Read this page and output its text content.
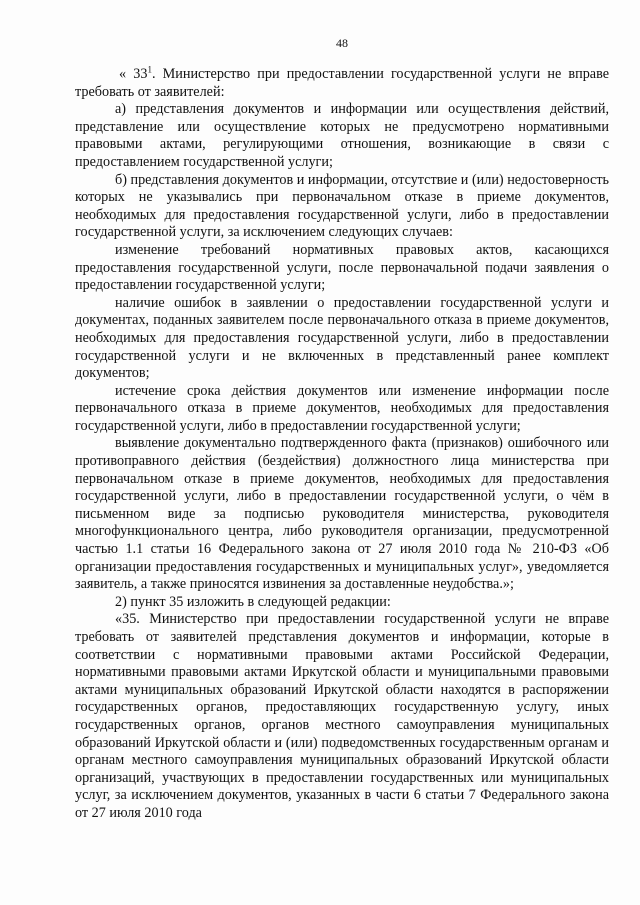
48

« $33^1$. Министерство при предоставлении государственной услуги не вправе требовать от заявителей:

а) представления документов и информации или осуществления действий, представление или осуществление которых не предусмотрено нормативными правовыми актами, регулирующими отношения, возникающие в связи с предоставлением государственной услуги;

б) представления документов и информации, отсутствие и (или) недостоверность которых не указывались при первоначальном отказе в приеме документов, необходимых для предоставления государственной услуги, либо в предоставлении государственной услуги, за исключением следующих случаев:

изменение требований нормативных правовых актов, касающихся предоставления государственной услуги, после первоначальной подачи заявления о предоставлении государственной услуги;

наличие ошибок в заявлении о предоставлении государственной услуги и документах, поданных заявителем после первоначального отказа в приеме документов, необходимых для предоставления государственной услуги, либо в предоставлении государственной услуги и не включенных в представленный ранее комплект документов;

истечение срока действия документов или изменение информации после первоначального отказа в приеме документов, необходимых для предоставления государственной услуги, либо в предоставлении государственной услуги;

выявление документально подтвержденного факта (признаков) ошибочного или противоправного действия (бездействия) должностного лица министерства при первоначальном отказе в приеме документов, необходимых для предоставления государственной услуги, либо в предоставлении государственной услуги, о чём в письменном виде за подписью руководителя министерства, руководителя многофункционального центра, либо руководителя организации, предусмотренной частью 1.1 статьи 16 Федерального закона от 27 июля 2010 года № 210-ФЗ «Об организации предоставления государственных и муниципальных услуг», уведомляется заявитель, а также приносятся извинения за доставленные неудобства.»;

2) пункт 35 изложить в следующей редакции:

«35. Министерство при предоставлении государственной услуги не вправе требовать от заявителей представления документов и информации, которые в соответствии с нормативными правовыми актами Российской Федерации, нормативными правовыми актами Иркутской области и муниципальными правовыми актами муниципальных образований Иркутской области находятся в распоряжении государственных органов, предоставляющих государственную услугу, иных государственных органов, органов местного самоуправления муниципальных образований Иркутской области и (или) подведомственных государственным органам и органам местного самоуправления муниципальных образований Иркутской области организаций, участвующих в предоставлении государственных или муниципальных услуг, за исключением документов, указанных в части 6 статьи 7 Федерального закона от 27 июля 2010 года
